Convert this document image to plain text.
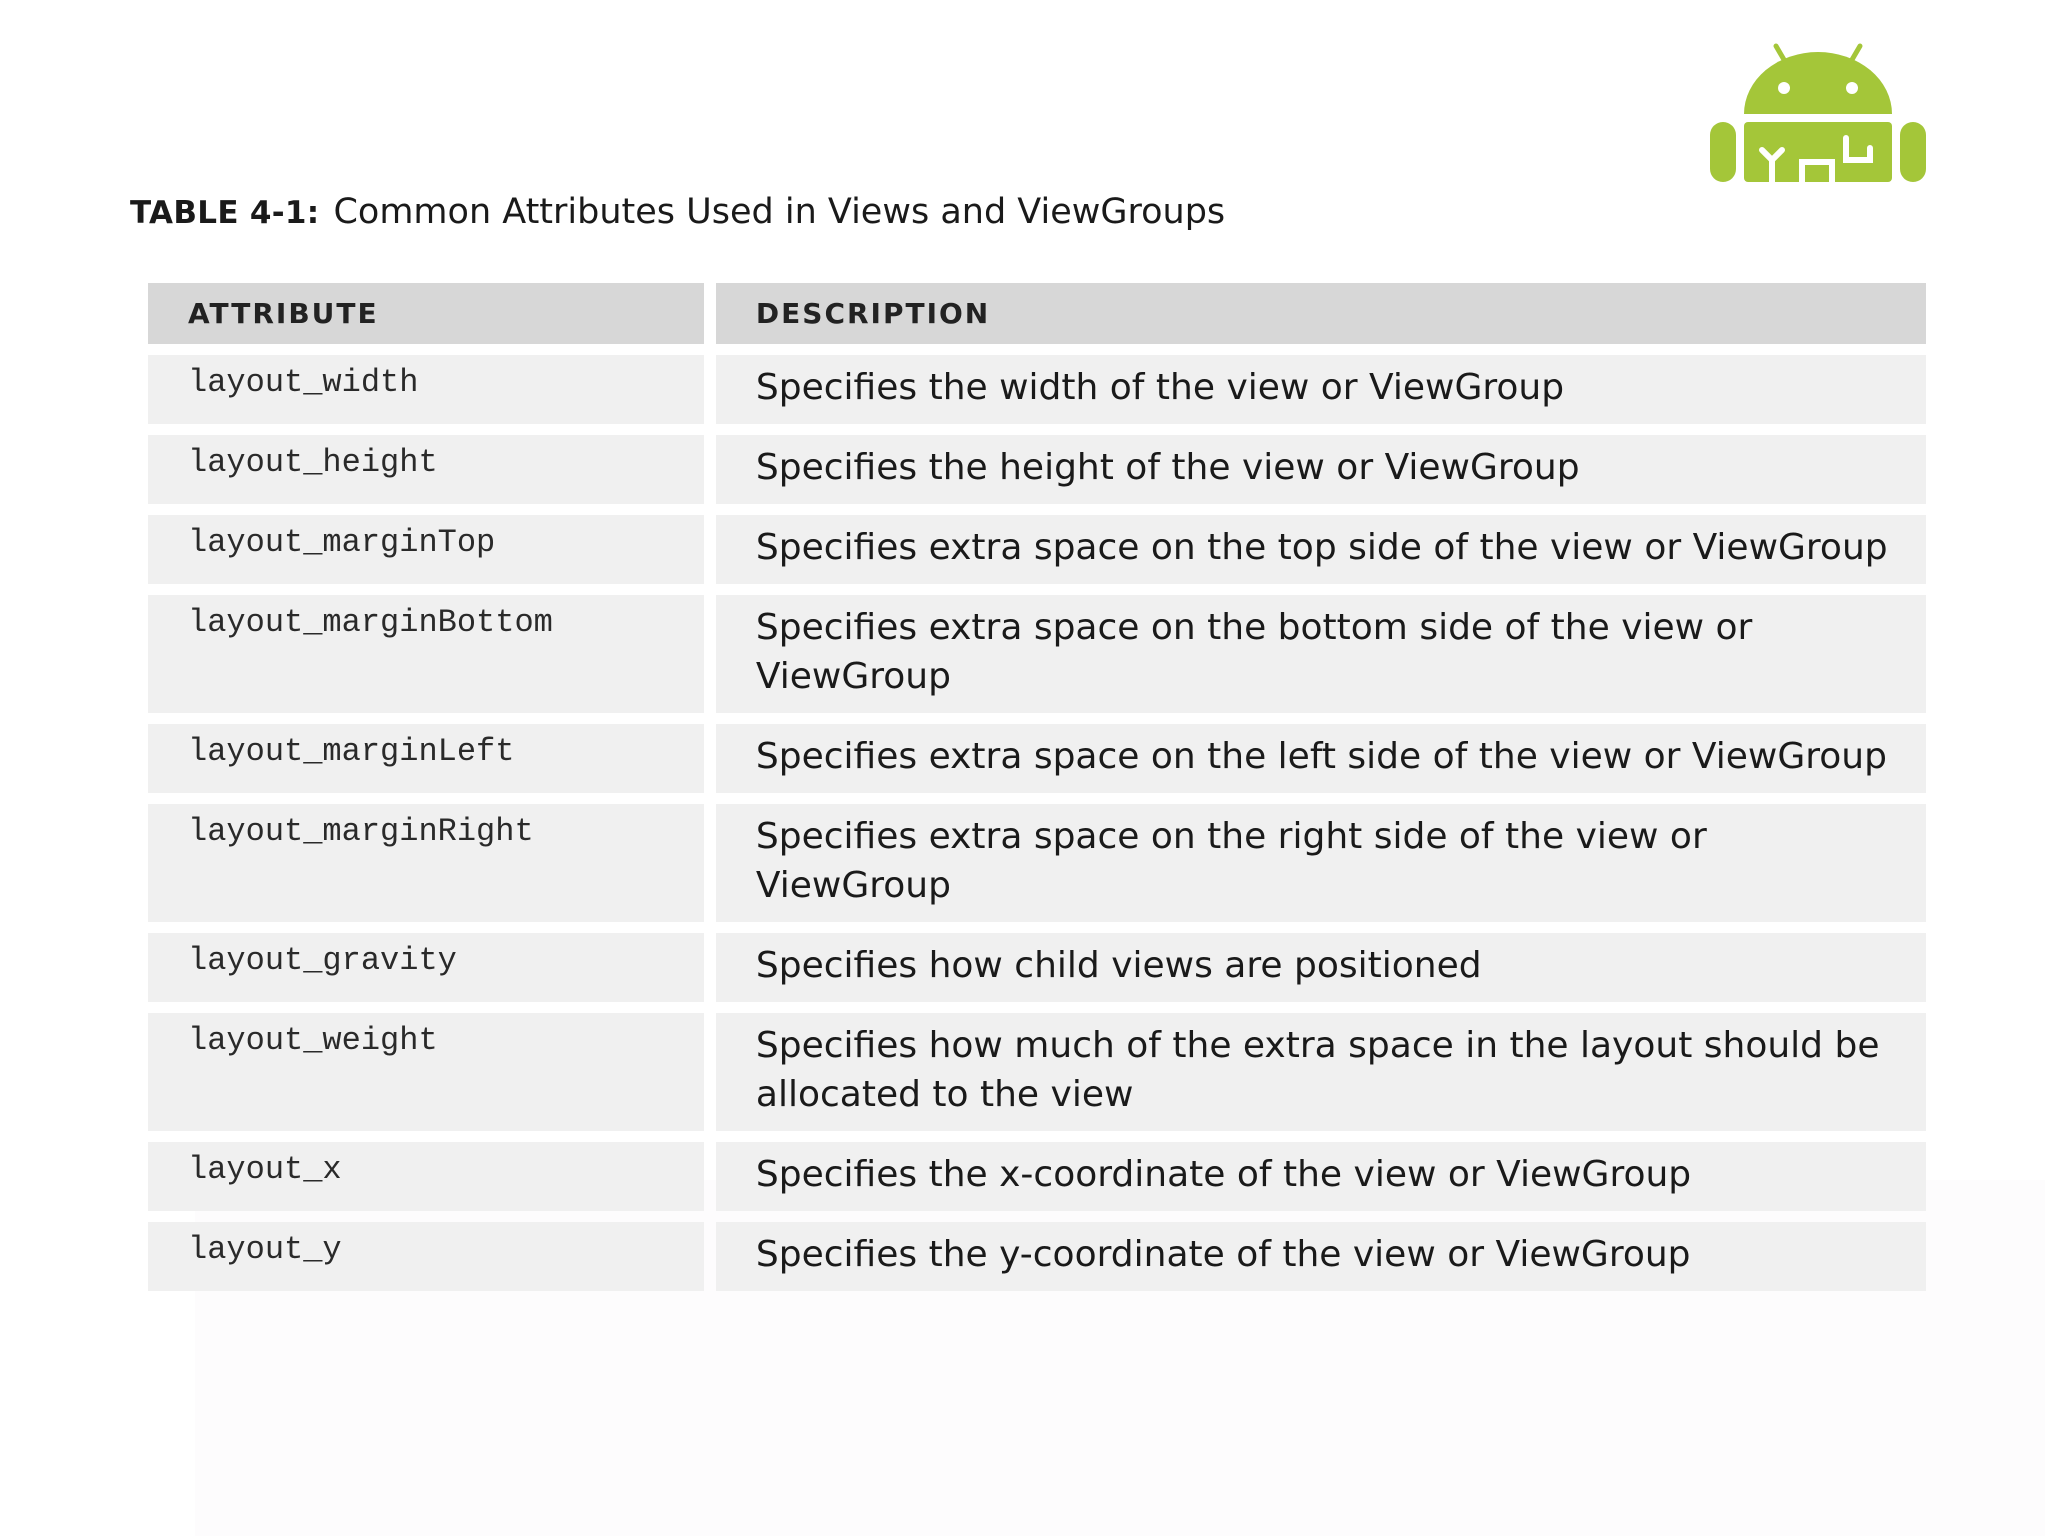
TABLE 4-1: Common Attributes Used in Views and ViewGroups
ATTRIBUTE	DESCRIPTION
layout_width	Specifies the width of the view or ViewGroup
layout_height	Specifies the height of the view or ViewGroup
layout_marginTop	Specifies extra space on the top side of the view or ViewGroup
layout_marginBottom	Specifies extra space on the bottom side of the view or ViewGroup
layout_marginLeft	Specifies extra space on the left side of the view or ViewGroup
layout_marginRight	Specifies extra space on the right side of the view or ViewGroup
layout_gravity	Specifies how child views are positioned
layout_weight	Specifies how much of the extra space in the layout should be allocated to the view
layout_x	Specifies the x-coordinate of the view or ViewGroup
layout_y	Specifies the y-coordinate of the view or ViewGroup
